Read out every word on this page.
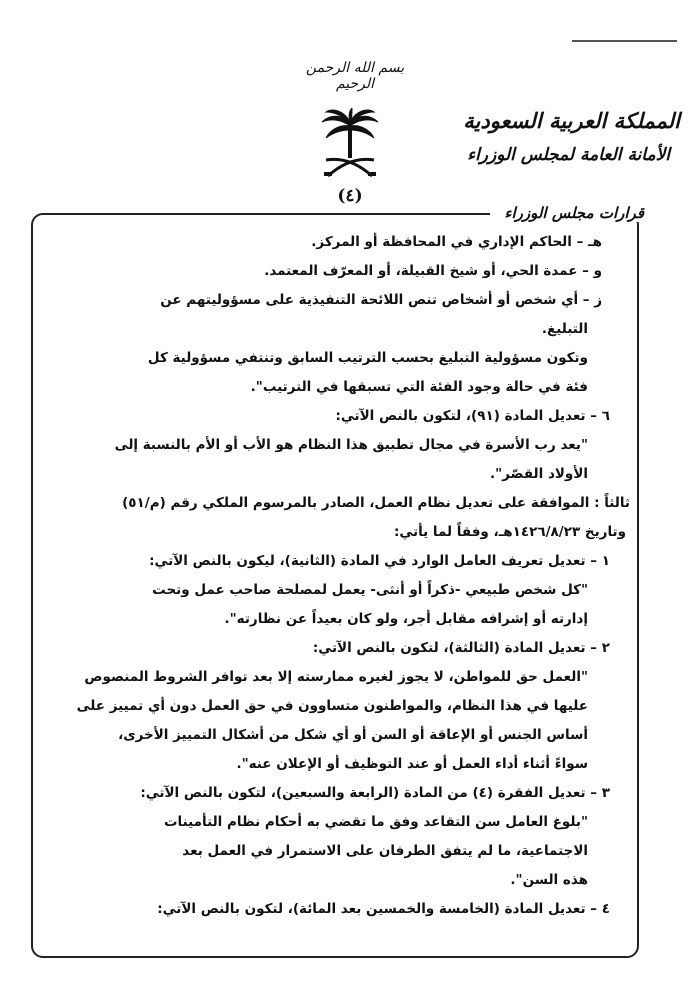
بسم الله الرحمن الرحيم
المملكة العربية السعودية
الأمانة العامة لمجلس الوزراء
(٤)
قرارات مجلس الوزراء
هـ – الحاكم الإداري في المحافظة أو المركز.
و – عمدة الحي، أو شيخ القبيلة، أو المعرّف المعتمد.
ز – أي شخص أو أشخاص تنص اللائحة التنفيذية على مسؤوليتهم عن
التبليغ.
وتكون مسؤولية التبليغ بحسب الترتيب السابق وتنتفي مسؤولية كل
فئة في حالة وجود الفئة التي تسبقها في الترتيب".
٦ – تعديل المادة (٩١)، لتكون بالنص الآتي:
"يعد رب الأسرة في مجال تطبيق هذا النظام هو الأب أو الأم بالنسبة إلى
الأولاد القصّر".
ثالثاً : الموافقة على تعديل نظام العمل، الصادر بالمرسوم الملكي رقم (م/٥١)
وتاريخ ١٤٢٦/٨/٢٣هـ، وفقاً لما يأتي:
١ – تعديل تعريف العامل الوارد في المادة (الثانية)، ليكون بالنص الآتي:
"كل شخص طبيعي -ذكراً أو أنثى- يعمل لمصلحة صاحب عمل وتحت
إدارته أو إشرافه مقابل أجر، ولو كان بعيداً عن نظارته".
٢ – تعديل المادة (الثالثة)، لتكون بالنص الآتي:
"العمل حق للمواطن، لا يجوز لغيره ممارسته إلا بعد توافر الشروط المنصوص
عليها في هذا النظام، والمواطنون متساوون في حق العمل دون أي تمييز على
أساس الجنس أو الإعاقة أو السن أو أي شكل من أشكال التمييز الأخرى،
سواءً أثناء أداء العمل أو عند التوظيف أو الإعلان عنه".
٣ – تعديل الفقرة (٤) من المادة (الرابعة والسبعين)، لتكون بالنص الآتي:
"بلوغ العامل سن التقاعد وفق ما تقضي به أحكام نظام التأمينات
الاجتماعية، ما لم يتفق الطرفان على الاستمرار في العمل بعد
هذه السن".
٤ – تعديل المادة (الخامسة والخمسين بعد المائة)، لتكون بالنص الآتي:
